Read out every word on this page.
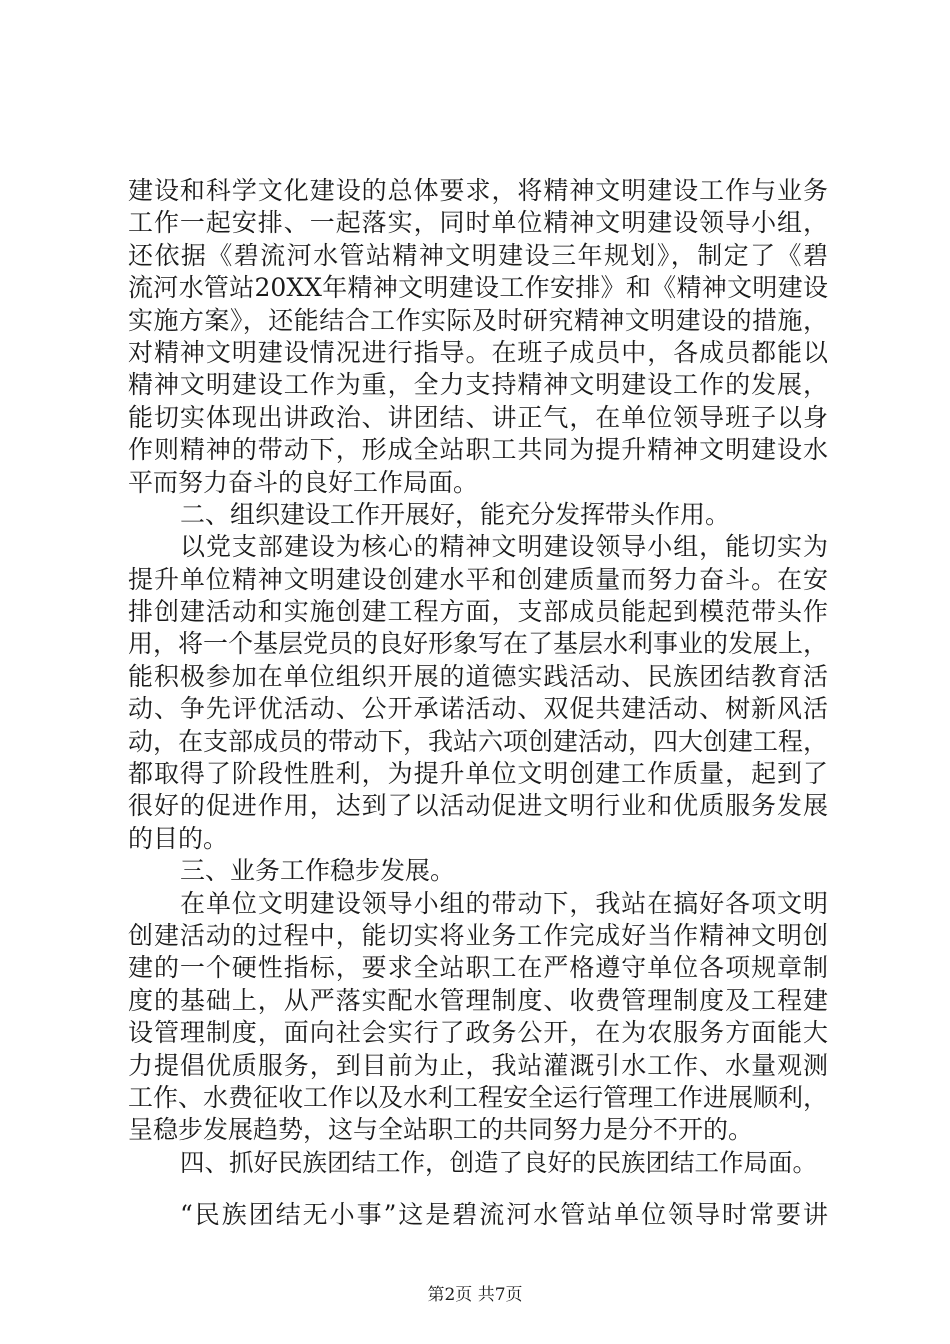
建设和科学文化建设的总体要求，将精神文明建设工作与业务
工作一起安排、一起落实，同时单位精神文明建设领导小组，
还依据《碧流河水管站精神文明建设三年规划》，制定了《碧
流河水管站20XX年精神文明建设工作安排》和《精神文明建设
实施方案》，还能结合工作实际及时研究精神文明建设的措施，
对精神文明建设情况进行指导。在班子成员中，各成员都能以
精神文明建设工作为重，全力支持精神文明建设工作的发展，
能切实体现出讲政治、讲团结、讲正气，在单位领导班子以身
作则精神的带动下，形成全站职工共同为提升精神文明建设水
平而努力奋斗的良好工作局面。
二、组织建设工作开展好，能充分发挥带头作用。
以党支部建设为核心的精神文明建设领导小组，能切实为
提升单位精神文明建设创建水平和创建质量而努力奋斗。在安
排创建活动和实施创建工程方面，支部成员能起到模范带头作
用，将一个基层党员的良好形象写在了基层水利事业的发展上，
能积极参加在单位组织开展的道德实践活动、民族团结教育活
动、争先评优活动、公开承诺活动、双促共建活动、树新风活
动，在支部成员的带动下，我站六项创建活动，四大创建工程，
都取得了阶段性胜利，为提升单位文明创建工作质量，起到了
很好的促进作用，达到了以活动促进文明行业和优质服务发展
的目的。
三、业务工作稳步发展。
在单位文明建设领导小组的带动下，我站在搞好各项文明
创建活动的过程中，能切实将业务工作完成好当作精神文明创
建的一个硬性指标，要求全站职工在严格遵守单位各项规章制
度的基础上，从严落实配水管理制度、收费管理制度及工程建
设管理制度，面向社会实行了政务公开，在为农服务方面能大
力提倡优质服务，到目前为止，我站灌溉引水工作、水量观测
工作、水费征收工作以及水利工程安全运行管理工作进展顺利，
呈稳步发展趋势，这与全站职工的共同努力是分不开的。
四、抓好民族团结工作，创造了良好的民族团结工作局面。
“民族团结无小事”这是碧流河水管站单位领导时常要讲
第2页 共7页
